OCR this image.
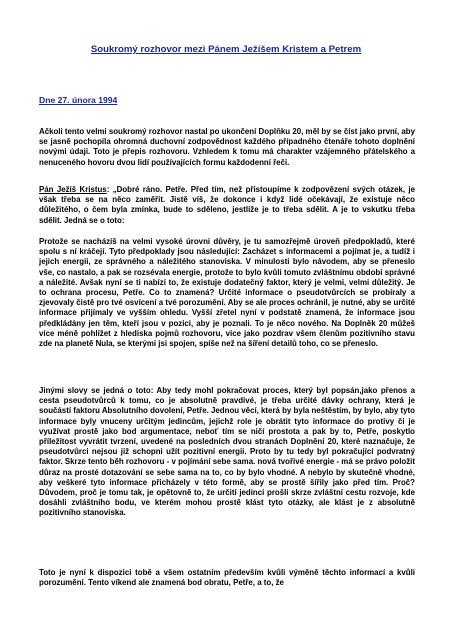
Soukromý rozhovor mezi Pánem Ježíšem Kristem a Petrem
Dne 27. února 1994

Ačkoli tento velmi soukromý rozhovor nastal po ukončení Doplňku 20, měl by se číst jako první, aby se jasně pochopila ohromná duchovní zodpovědnost každého případného čtenáře tohoto doplnění novými údaji. Toto je přepis rozhovoru. Vzhledem k tomu má charakter vzájemného přátelského a nenuceného hovoru dvou lidí používajících formu každodenní řeči.

Pán Ježíš Kristus: „Dobré ráno. Petře. Před tím, než přistoupíme k zodpovězení svých otázek, je však třeba se na něco zaměřit. Jistě víš, že dokonce i když lidé očekávají, že existuje něco důležitého, o čem byla zmínka, bude to sděleno, jestliže je to třeba sdělit. A je to vskutku třeba sdělit. Jedná se o toto:

Protože se nacházíš na velmi vysoké úrovni důvěry, je tu samozřejmě úroveň předpokladů, které spolu s ní kráčejí. Tyto předpoklady jsou následující: Zacházet s informacemi a pojímat je, a tudíž i jejich energii, ze správného a náležitého stanoviska. V minulosti bylo návodem, aby se přeneslo vše, co nastalo, a pak se rozsévala energie, protože to bylo kvůli tomuto zvláštnímu období správné a náležité. Avšak nyní se ti nabízí to, že existuje dodatečný faktor, který je velmi, velmi důležitý. Je to ochrana procesu, Petře. Co to znamená? Určité informace o pseudotvůrcích se probíraly a zjevovaly čistě pro tvé osvícení a tvé porozumění. Aby se ale proces ochránil, je nutné, aby se určité informace přijímaly ve vyšším ohledu. Vyšší zřetel nyní v podstatě znamená, že informace jsou předkládány jen těm, kteří jsou v pozici, aby je poznali. To je něco nového. Na Doplněk 20 můžeš více méně pohlížet z hlediska pojmů rozhovoru, více jako pozdrav všem členům pozitivního stavu zde na planetě Nula, se kterými jsi spojen, spíše než na šíření detailů toho, co se přeneslo.

Jinými slovy se jedná o toto: Aby tedy mohl pokračovat proces, který byl popsán,jako přenos a cesta pseudotvůrců k tomu, co je absolutně pravdivé, je třeba určité dávky ochrany, která je součástí faktoru Absolutního dovolení, Petře. Jednou věcí, která by byla neštěstím, by bylo, aby tyto informace byly vnuceny určitým jedincům, jejichž role je obrátit tyto informace do protivy či je využívat prostě jako bod argumentace, neboť tím se ničí prostota a pak by to, Petře, poskytlo příležitost vyvrátit tvrzení, uvedené na posledních dvou stranách Doplnění 20, které naznačuje, že pseudotvůrci nejsou již schopni užít pozitivní energii. Proto by tu tedy byl pokračující podvratný faktor. Skrze tento běh rozhovoru - v pojímání sebe sama. nová tvořivé energie - má se právo položit důraz na prosté dotazování se sebe sama na to, co by bylo vhodné. A nebylo by skutečně vhodné, aby veškeré tyto informace přicházely v této formě, aby se prostě šířily jako před tím. Proč? Důvodem, proč je tomu tak, je opětovně to, že určití jedinci prošli skrze zvláštní cestu rozvoje, kde dosáhli zvláštního bodu, ve kterém mohou prostě klást tyto otázky, ale klást je z absolutně pozitivního stanoviska.

Toto je nyní k dispozici tobě a všem ostatním především kvůli výměně těchto informací a kvůli porozumění. Tento víkend ale znamená bod obratu, Petře, a to, že
